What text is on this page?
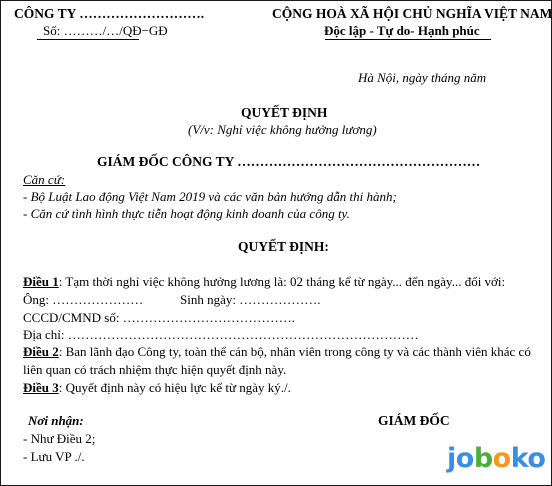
CÔNG TY ……………………….
Số: ………/…/QĐ−GĐ
CỘNG HOÀ XÃ HỘI CHỦ NGHĨA VIỆT NAM
Độc lập - Tự do- Hạnh phúc
Hà Nội, ngày tháng năm
QUYẾT ĐỊNH
(V/v: Nghỉ việc không hưởng lương)
GIÁM ĐỐC CÔNG TY ………………………………………………
Căn cứ:
- Bộ Luật Lao động Việt Nam 2019 và các văn bản hướng dẫn thi hành;
- Căn cứ tình hình thực tiễn hoạt động kinh doanh của công ty.
QUYẾT ĐỊNH:
Điều 1: Tạm thời nghỉ việc không hưởng lương là: 02 tháng kể từ ngày... đến ngày... đối với:
Ông: …………………	Sinh ngày: ……………….
CCCD/CMND số: ………………………………….
Địa chỉ: ………………………………………………………………………
Điều 2: Ban lãnh đạo Công ty, toàn thể cán bộ, nhân viên trong công ty và các thành viên khác có
liên quan có trách nhiệm thực hiện quyết định này.
Điều 3: Quyết định này có hiệu lực kể từ ngày ký./.
Nơi nhận:
- Như Điều 2;
- Lưu VP ./.
GIÁM ĐỐC
joboko
